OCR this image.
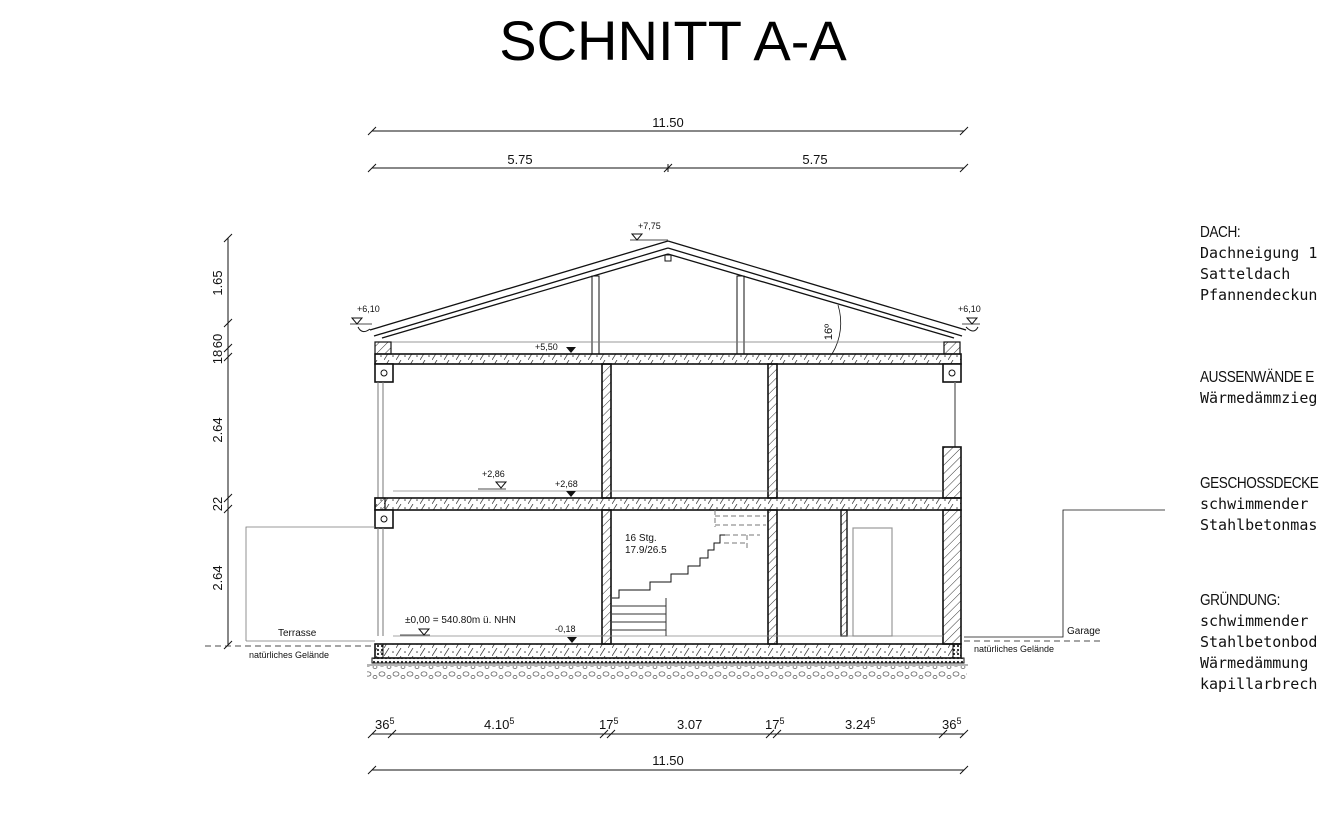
SCHNITT A-A
11.50
5.75	5.75
1.65
60
18
2.64
22
2.64
16º
+7,75
+6,10	+6,10
+5,50
+2,86
+2,68
16 Stg.
17.9/26.5
±0,00 = 540.80m ü. NHN
-0,18
Terrasse
natürliches Gelände
Garage
natürliches Gelände
$36^5$	4.10$^5$	$17^5$	3.07	$17^5$	3.24$^5$	$36^5$
11.50
DACH:
Dachneigung 1
Satteldach
Pfannendeckun
AUSSENWÄNDE E
Wärmedämmzieg
GESCHOSSDECKE
schwimmender
Stahlbetonmas
GRÜNDUNG:
schwimmender
Stahlbetonbod
Wärmedämmung
kapillarbrech
